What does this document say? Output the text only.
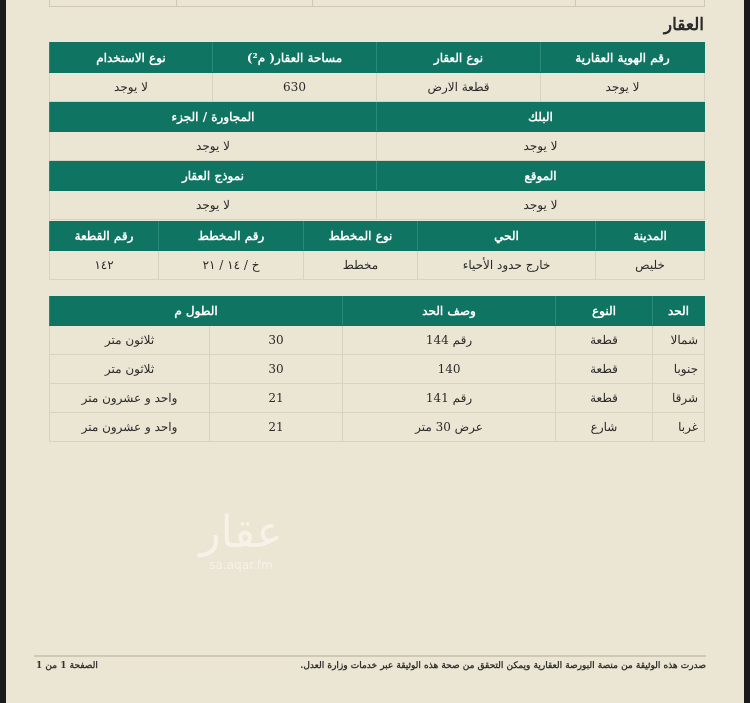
العقار
رقم الهوية العقارية	نوع العقار	مساحة العقار( م²)	نوع الاستخدام
لا يوجد	قطعة الارض	630	لا يوجد
البلك		المجاورة / الجزء	
لا يوجد		لا يوجد	
الموقع		نموذج العقار	
لا يوجد		لا يوجد	
المدينة	الحي	نوع المخطط	رقم المخطط	رقم القطعة
خليص	خارج حدود الأحياء	مخطط	خ / ١٤ / ٢١	١٤٢
الحد	النوع	وصف الحد	الطول م	
شمالا	قطعة	رقم 144	30	ثلاثون متر
جنوبا	قطعة	140	30	ثلاثون متر
شرقا	قطعة	رقم 141	21	واحد و عشرون متر
غربا	شارع	عرض 30 متر	21	واحد و عشرون متر
عقار
sa.aqar.fm
صدرت هذه الوثيقة من منصة البورصة العقارية ويمكن التحقق من صحة هذه الوثيقة عبر خدمات وزارة العدل.
الصفحة 1 من 1
